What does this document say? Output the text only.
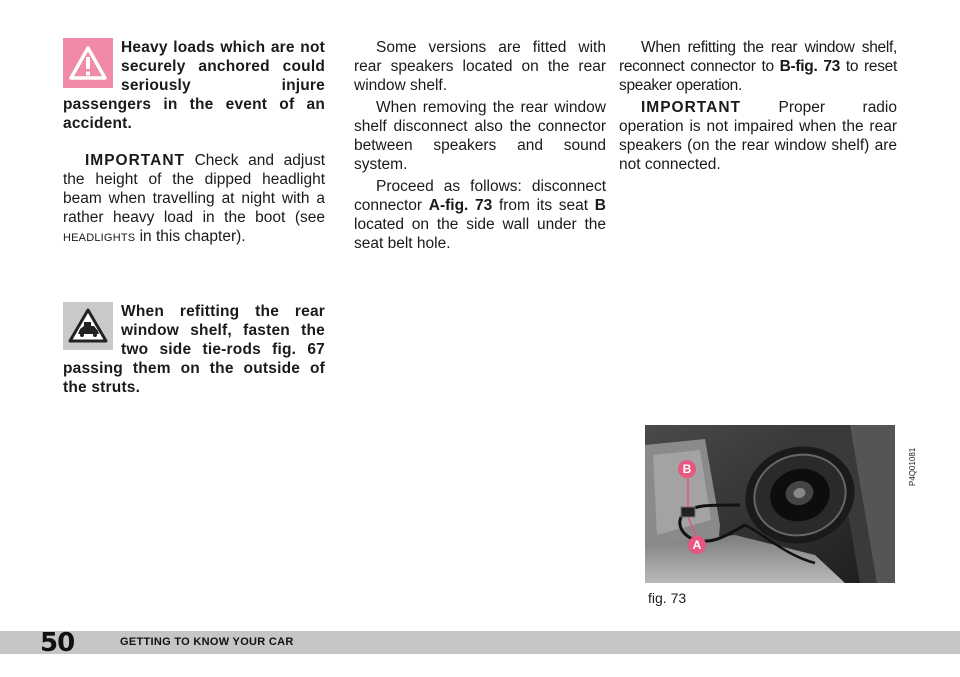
Heavy loads which are not securely anchored could seriously injure passengers in the event of an accident.

IMPORTANT Check and adjust the height of the dipped headlight beam when travelling at night with a rather heavy load in the boot (see HEADLIGHTS in this chapter).

When refitting the rear window shelf, fasten the two side tie-rods fig. 67 passing them on the outside of the struts.

Some versions are fitted with rear speakers located on the rear window shelf.

When removing the rear window shelf disconnect also the connector between speakers and sound system.

Proceed as follows: disconnect connector A-fig. 73 from its seat B located on the side wall under the seat belt hole.

When refitting the rear window shelf, reconnect connector to B-fig. 73 to reset speaker operation.

IMPORTANT Proper radio operation is not impaired when the rear speakers (on the rear window shelf) are not connected.

B
A
P4Q01081
fig. 73
50	GETTING TO KNOW YOUR CAR
